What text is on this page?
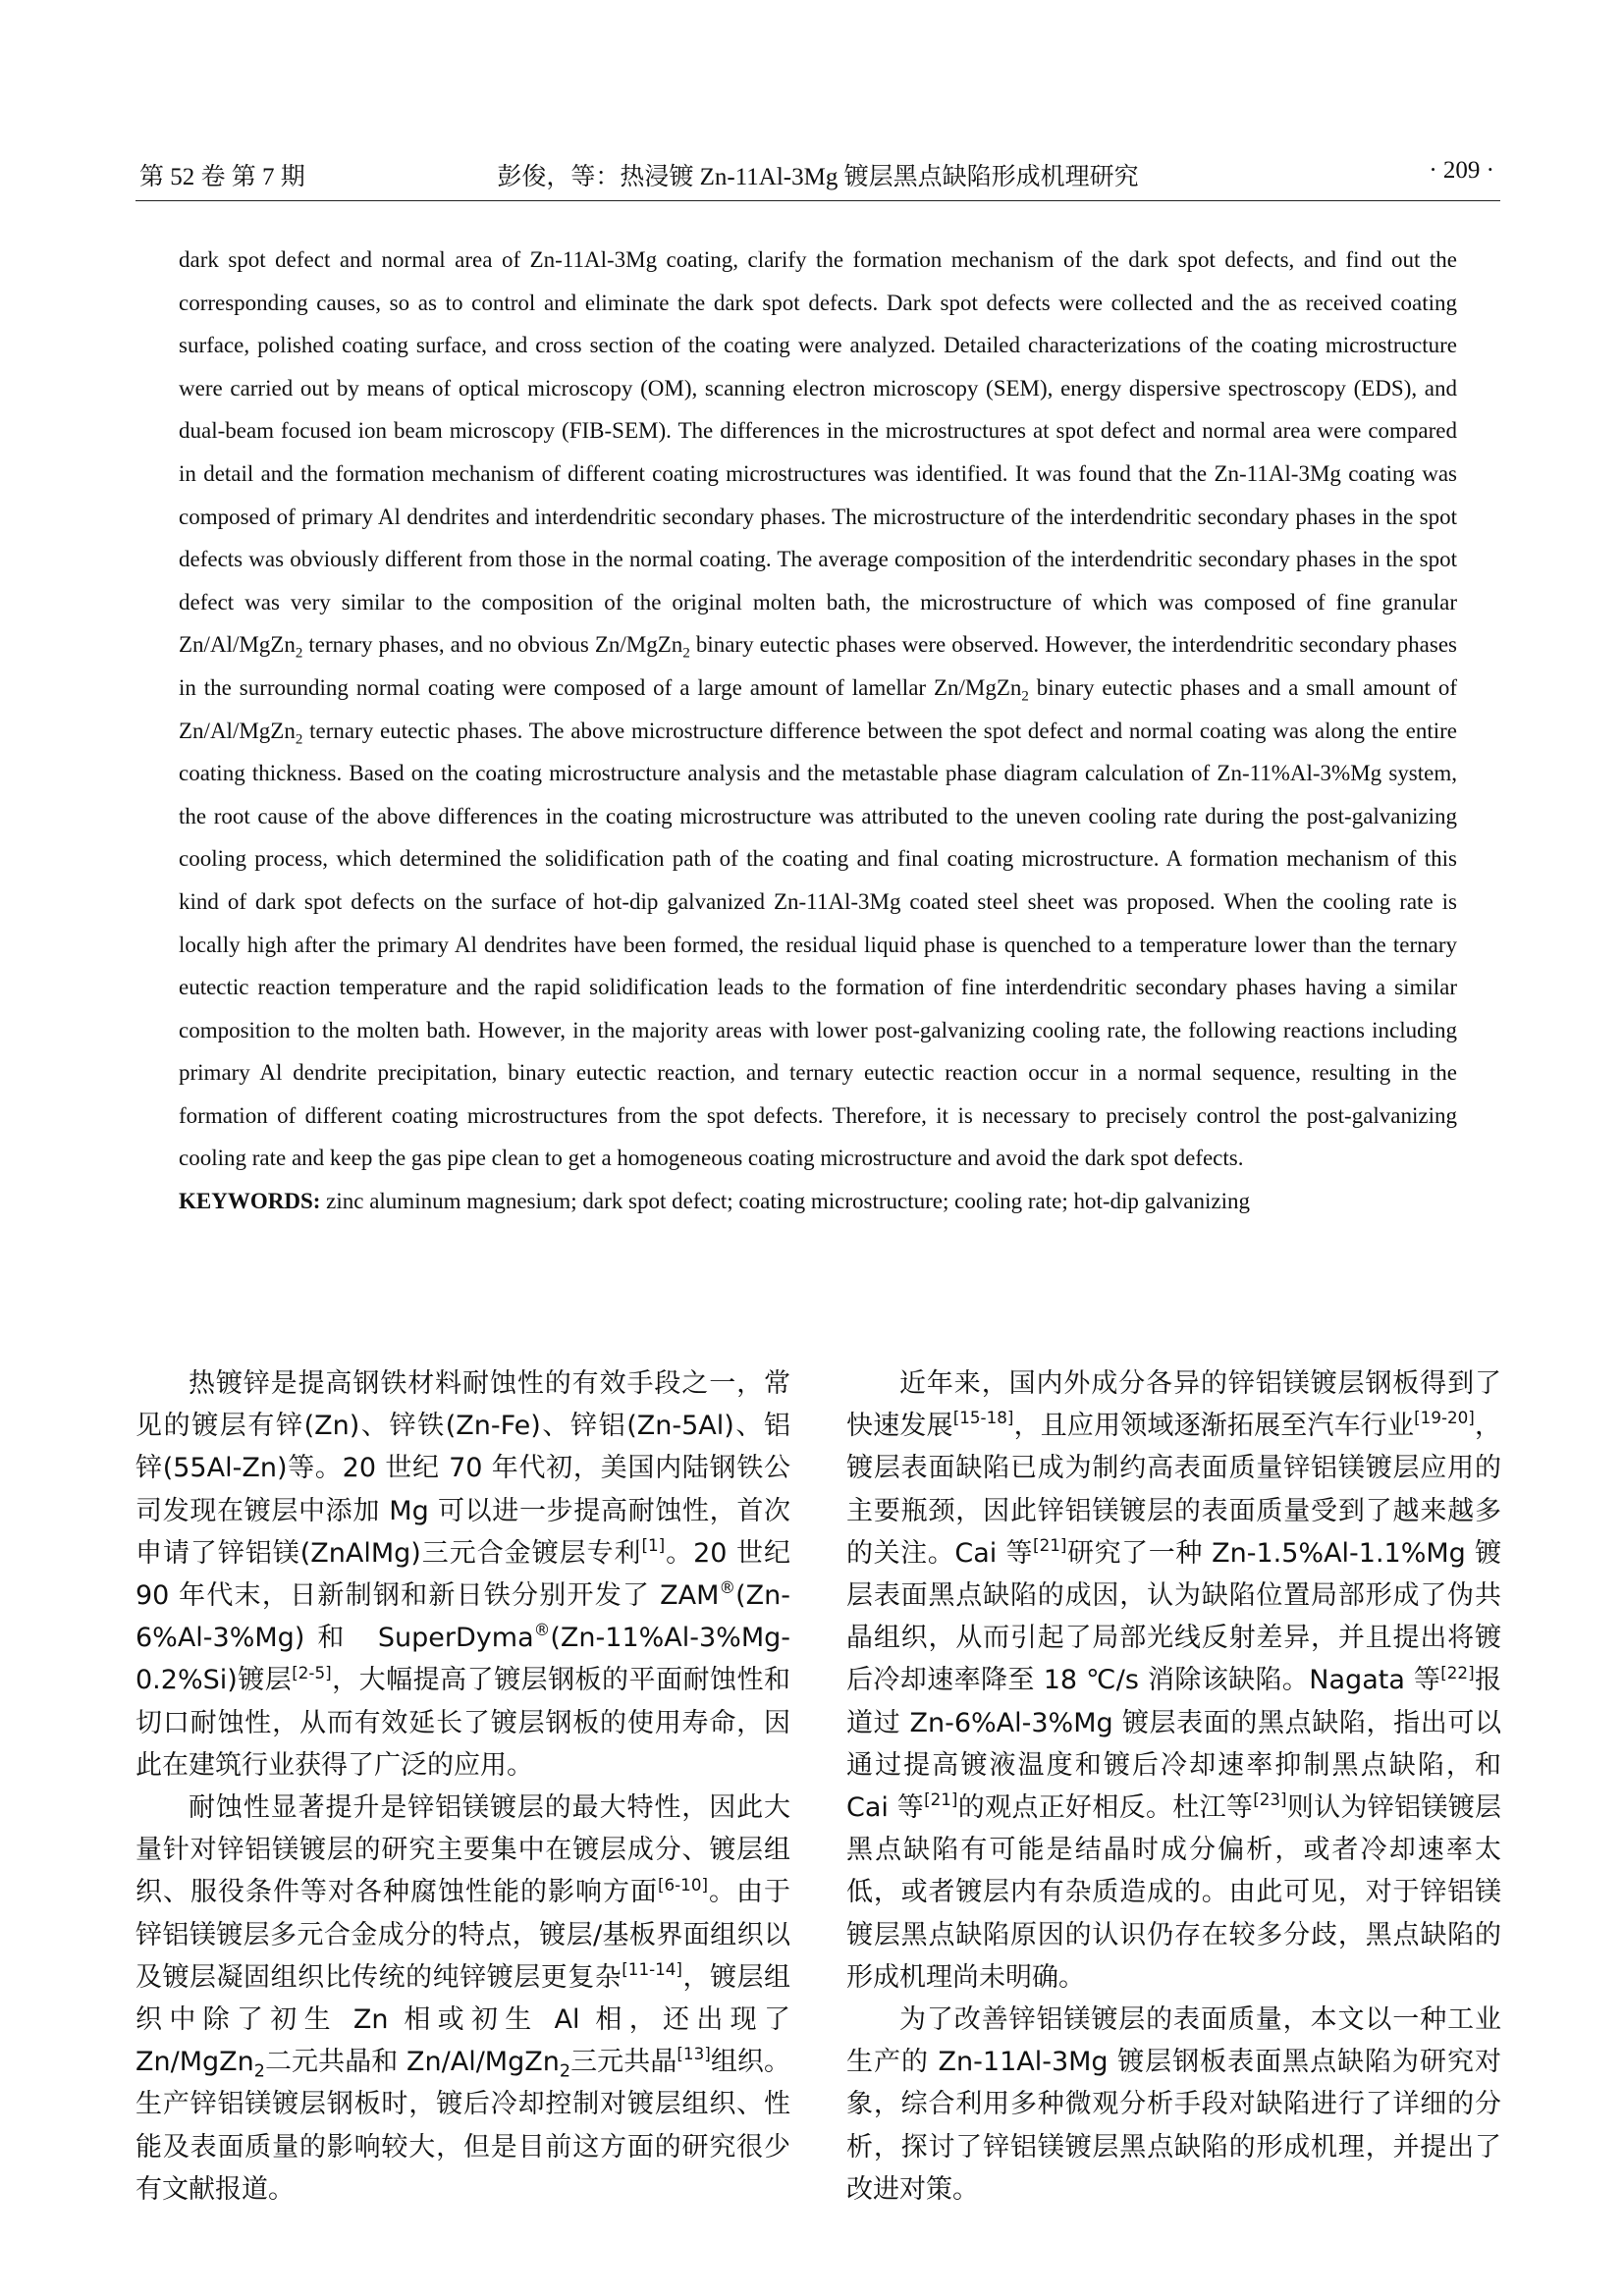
第 52 卷 第 7 期	彭俊，等：热浸镀 Zn-11Al-3Mg 镀层黑点缺陷形成机理研究	· 209 ·

dark spot defect and normal area of Zn-11Al-3Mg coating, clarify the formation mechanism of the dark spot defects, and find out the corresponding causes, so as to control and eliminate the dark spot defects. Dark spot defects were collected and the as received coating surface, polished coating surface, and cross section of the coating were analyzed. Detailed characterizations of the coating microstructure were carried out by means of optical microscopy (OM), scanning electron microscopy (SEM), energy dispersive spectroscopy (EDS), and dual-beam focused ion beam microscopy (FIB-SEM). The differences in the microstructures at spot defect and normal area were compared in detail and the formation mechanism of different coating microstructures was identified. It was found that the Zn-11Al-3Mg coating was composed of primary Al dendrites and interdendritic secondary phases. The microstructure of the interdendritic secondary phases in the spot defects was obviously different from those in the normal coating. The average composition of the interdendritic secondary phases in the spot defect was very similar to the composition of the original molten bath, the microstructure of which was composed of fine granular Zn/Al/MgZn$_2$ ternary phases, and no obvious Zn/MgZn$_2$ binary eutectic phases were observed. However, the interdendritic secondary phases in the surrounding normal coating were composed of a large amount of lamellar Zn/MgZn$_2$ binary eutectic phases and a small amount of Zn/Al/MgZn$_2$ ternary eutectic phases. The above microstructure difference between the spot defect and normal coating was along the entire coating thickness. Based on the coating microstructure analysis and the metastable phase diagram calculation of Zn-11%Al-3%Mg system, the root cause of the above differences in the coating microstructure was attributed to the uneven cooling rate during the post-galvanizing cooling process, which determined the solidification path of the coating and final coating microstructure. A formation mechanism of this kind of dark spot defects on the surface of hot-dip galvanized Zn-11Al-3Mg coated steel sheet was proposed. When the cooling rate is locally high after the primary Al dendrites have been formed, the residual liquid phase is quenched to a temperature lower than the ternary eutectic reaction temperature and the rapid solidification leads to the formation of fine interdendritic secondary phases having a similar composition to the molten bath. However, in the majority areas with lower post-galvanizing cooling rate, the following reactions including primary Al dendrite precipitation, binary eutectic reaction, and ternary eutectic reaction occur in a normal sequence, resulting in the formation of different coating microstructures from the spot defects. Therefore, it is necessary to precisely control the post-galvanizing cooling rate and keep the gas pipe clean to get a homogeneous coating microstructure and avoid the dark spot defects.

KEYWORDS: zinc aluminum magnesium; dark spot defect; coating microstructure; cooling rate; hot-dip galvanizing

热镀锌是提高钢铁材料耐蚀性的有效手段之一，常见的镀层有锌(Zn)、锌铁(Zn-Fe)、锌铝(Zn-5Al)、铝锌(55Al-Zn)等。20 世纪 70 年代初，美国内陆钢铁公司发现在镀层中添加 Mg 可以进一步提高耐蚀性，首次申请了锌铝镁(ZnAlMg)三元合金镀层专利[1]。20 世纪 90 年代末，日新制钢和新日铁分别开发了 ZAM®(Zn-6%Al-3%Mg)和 SuperDyma®(Zn-11%Al-3%Mg-0.2%Si)镀层[2-5]，大幅提高了镀层钢板的平面耐蚀性和切口耐蚀性，从而有效延长了镀层钢板的使用寿命，因此在建筑行业获得了广泛的应用。

耐蚀性显著提升是锌铝镁镀层的最大特性，因此大量针对锌铝镁镀层的研究主要集中在镀层成分、镀层组织、服役条件等对各种腐蚀性能的影响方面[6-10]。由于锌铝镁镀层多元合金成分的特点，镀层/基板界面组织以及镀层凝固组织比传统的纯锌镀层更复杂[11-14]，镀层组织中除了初生 Zn 相或初生 Al 相，还出现了 Zn/MgZn$_2$二元共晶和 Zn/Al/MgZn$_2$三元共晶[13]组织。生产锌铝镁镀层钢板时，镀后冷却控制对镀层组织、性能及表面质量的影响较大，但是目前这方面的研究很少有文献报道。

近年来，国内外成分各异的锌铝镁镀层钢板得到了快速发展[15-18]，且应用领域逐渐拓展至汽车行业[19-20]，镀层表面缺陷已成为制约高表面质量锌铝镁镀层应用的主要瓶颈，因此锌铝镁镀层的表面质量受到了越来越多的关注。Cai 等[21]研究了一种 Zn-1.5%Al-1.1%Mg 镀层表面黑点缺陷的成因，认为缺陷位置局部形成了伪共晶组织，从而引起了局部光线反射差异，并且提出将镀后冷却速率降至 18 ℃/s 消除该缺陷。Nagata 等[22]报道过 Zn-6%Al-3%Mg 镀层表面的黑点缺陷，指出可以通过提高镀液温度和镀后冷却速率抑制黑点缺陷，和 Cai 等[21]的观点正好相反。杜江等[23]则认为锌铝镁镀层黑点缺陷有可能是结晶时成分偏析，或者冷却速率太低，或者镀层内有杂质造成的。由此可见，对于锌铝镁镀层黑点缺陷原因的认识仍存在较多分歧，黑点缺陷的形成机理尚未明确。

为了改善锌铝镁镀层的表面质量，本文以一种工业生产的 Zn-11Al-3Mg 镀层钢板表面黑点缺陷为研究对象，综合利用多种微观分析手段对缺陷进行了详细的分析，探讨了锌铝镁镀层黑点缺陷的形成机理，并提出了改进对策。
